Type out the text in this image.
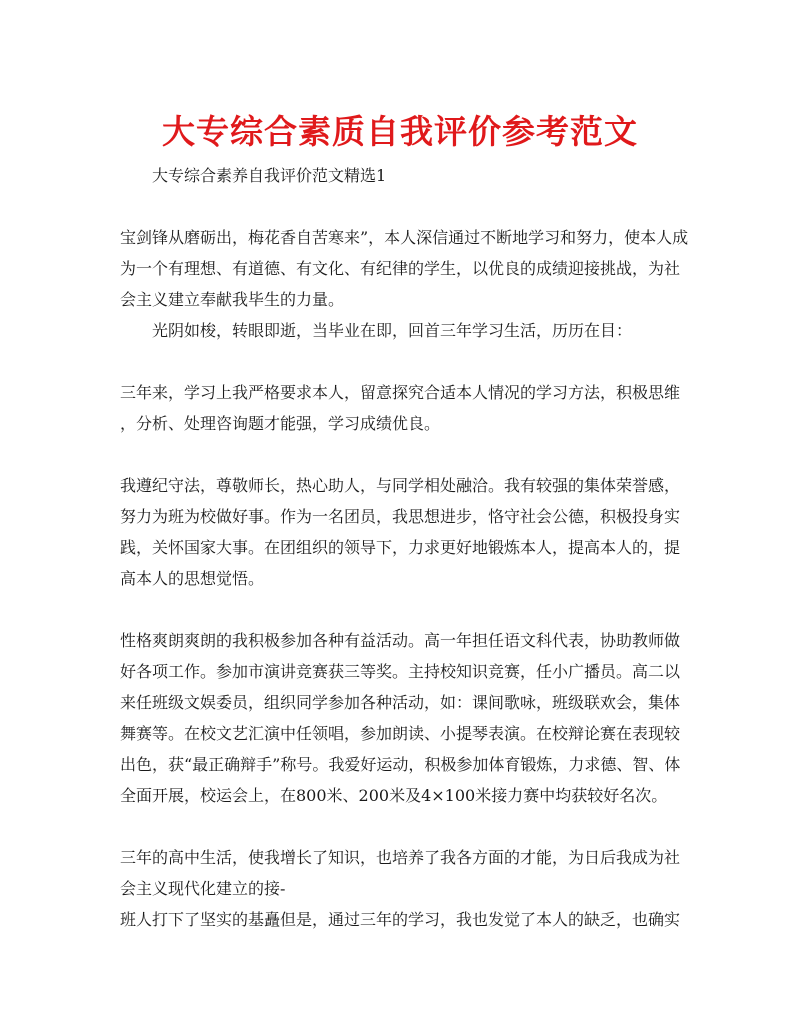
大专综合素质自我评价参考范文

大专综合素养自我评价范文精选1

宝剑锋从磨砺出，梅花香自苦寒来”，本人深信通过不断地学习和努力，使本人成

为一个有理想、有道德、有文化、有纪律的学生，以优良的成绩迎接挑战，为社

会主义建立奉献我毕生的力量。

光阴如梭，转眼即逝，当毕业在即，回首三年学习生活，历历在目：

三年来，学习上我严格要求本人，留意探究合适本人情况的学习方法，积极思维

，分析、处理咨询题才能强，学习成绩优良。

我遵纪守法，尊敬师长，热心助人，与同学相处融洽。我有较强的集体荣誉感，

努力为班为校做好事。作为一名团员，我思想进步，恪守社会公德，积极投身实

践，关怀国家大事。在团组织的领导下，力求更好地锻炼本人，提高本人的，提

高本人的思想觉悟。

性格爽朗爽朗的我积极参加各种有益活动。高一年担任语文科代表，协助教师做

好各项工作。参加市演讲竞赛获三等奖。主持校知识竞赛，任小广播员。高二以

来任班级文娱委员，组织同学参加各种活动，如：课间歌咏，班级联欢会，集体

舞赛等。在校文艺汇演中任领唱，参加朗读、小提琴表演。在校辩论赛在表现较

出色，获“最正确辩手”称号。我爱好运动，积极参加体育锻炼，力求德、智、体

全面开展，校运会上，在800米、200米及4×100米接力赛中均获较好名次。

三年的高中生活，使我增长了知识，也培养了我各方面的才能，为日后我成为社

会主义现代化建立的接-

班人打下了坚实的基矗但是，通过三年的学习，我也发觉了本人的缺乏，也确实
